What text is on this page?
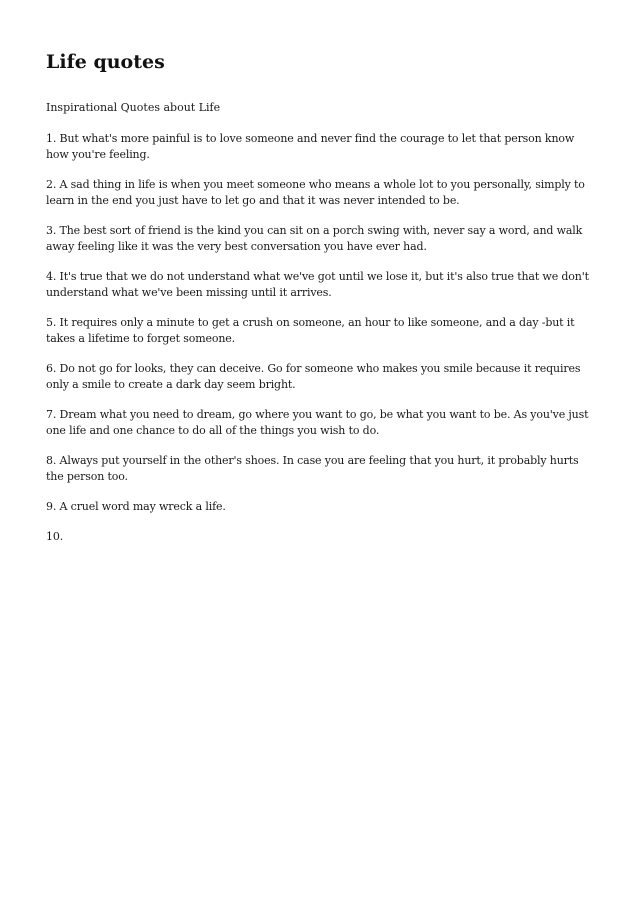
Life quotes

Inspirational Quotes about Life

1. But what's more painful is to love someone and never find the courage to let that person know how you're feeling.

2. A sad thing in life is when you meet someone who means a whole lot to you personally, simply to learn in the end you just have to let go and that it was never intended to be.

3. The best sort of friend is the kind you can sit on a porch swing with, never say a word, and walk away feeling like it was the very best conversation you have ever had.

4. It's true that we do not understand what we've got until we lose it, but it's also true that we don't understand what we've been missing until it arrives.

5. It requires only a minute to get a crush on someone, an hour to like someone, and a day -but it takes a lifetime to forget someone.

6. Do not go for looks, they can deceive. Go for someone who makes you smile because it requires only a smile to create a dark day seem bright.

7. Dream what you need to dream, go where you want to go, be what you want to be. As you've just one life and one chance to do all of the things you wish to do.

8. Always put yourself in the other's shoes. In case you are feeling that you hurt, it probably hurts the person too.

9. A cruel word may wreck a life.

10.
